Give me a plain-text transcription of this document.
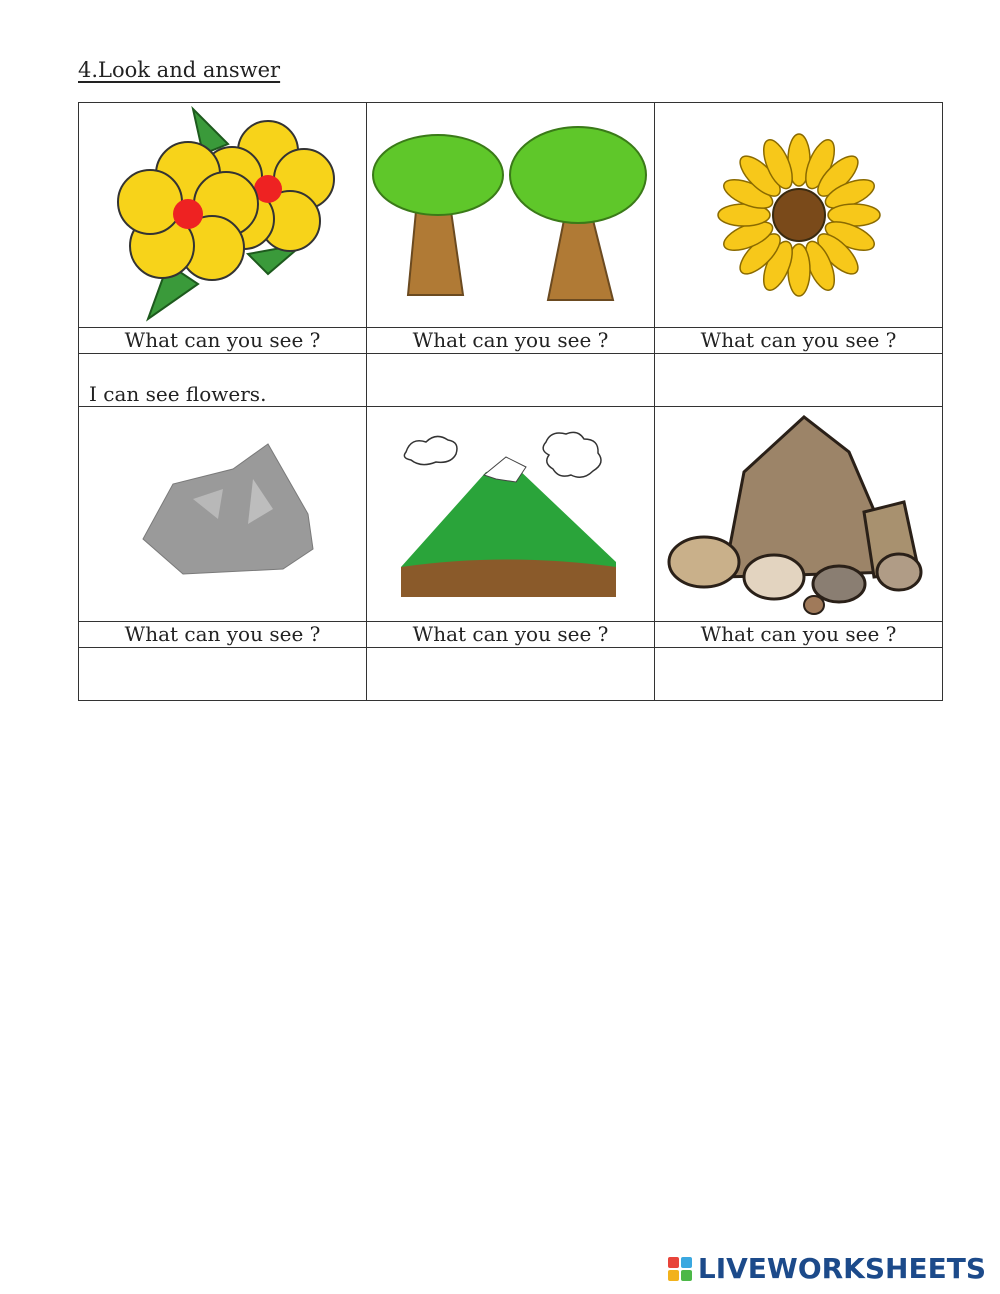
4.Look and answer

What can you see ?	What can you see ?	What can you see ?

I can see flowers.		

What can you see ?	What can you see ?	What can you see ?

LIVEWORKSHEETS
